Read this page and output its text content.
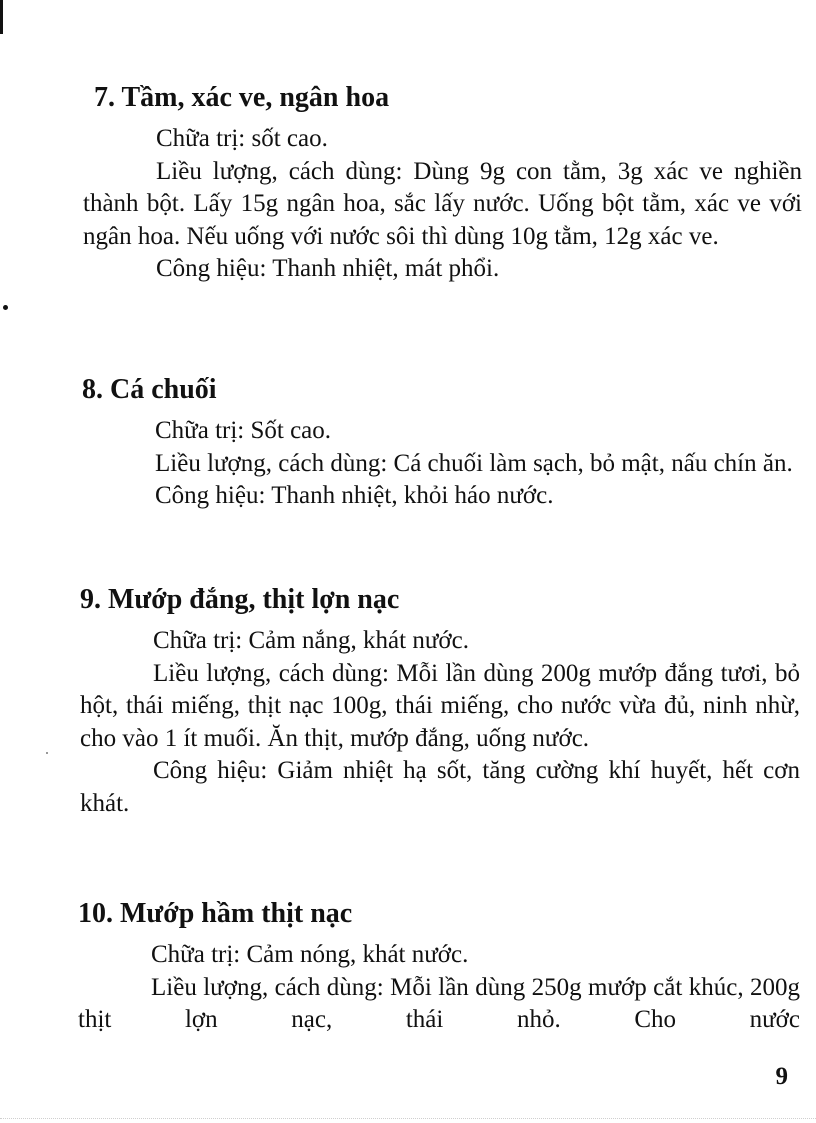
7. Tầm, xác ve, ngân hoa

Chữa trị: sốt cao.

Liều lượng, cách dùng: Dùng 9g con tằm, 3g xác ve nghiền thành bột. Lấy 15g ngân hoa, sắc lấy nước. Uống bột tằm, xác ve với ngân hoa. Nếu uống với nước sôi thì dùng 10g tằm, 12g xác ve.

Công hiệu: Thanh nhiệt, mát phổi.

8. Cá chuối

Chữa trị: Sốt cao.

Liều lượng, cách dùng: Cá chuối làm sạch, bỏ mật, nấu chín ăn.

Công hiệu: Thanh nhiệt, khỏi háo nước.

9. Mướp đắng, thịt lợn nạc

Chữa trị: Cảm nắng, khát nước.

Liều lượng, cách dùng: Mỗi lần dùng 200g mướp đắng tươi, bỏ hột, thái miếng, thịt nạc 100g, thái miếng, cho nước vừa đủ, ninh nhừ, cho vào 1 ít muối. Ăn thịt, mướp đắng, uống nước.

Công hiệu: Giảm nhiệt hạ sốt, tăng cường khí huyết, hết cơn khát.

10. Mướp hầm thịt nạc

Chữa trị: Cảm nóng, khát nước.

Liều lượng, cách dùng: Mỗi lần dùng 250g mướp cắt khúc, 200g thịt lợn nạc, thái nhỏ. Cho nước

9
